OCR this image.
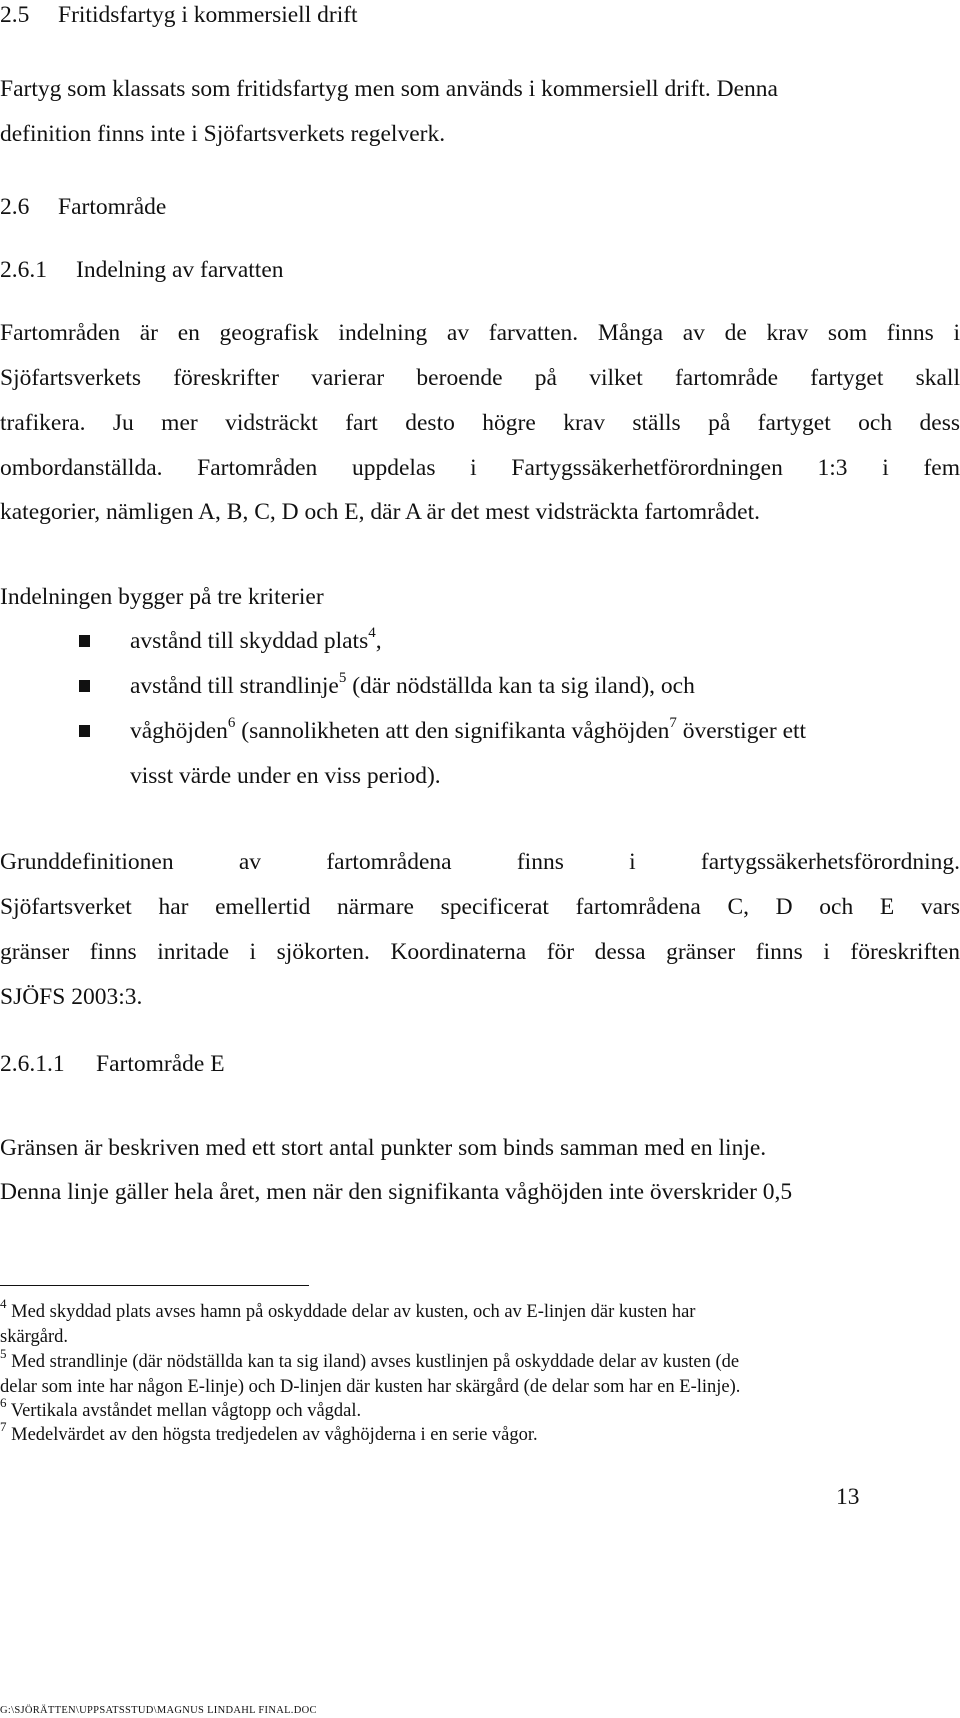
2.5 Fritidsfartyg i kommersiell drift
Fartyg som klassats som fritidsfartyg men som används i kommersiell drift. Denna
definition finns inte i Sjöfartsverkets regelverk.
2.6 Fartområde
2.6.1 Indelning av farvatten
Fartområden är en geografisk indelning av farvatten. Många av de krav som finns i
Sjöfartsverkets föreskrifter varierar beroende på vilket fartområde fartyget skall
trafikera. Ju mer vidsträckt fart desto högre krav ställs på fartyget och dess
ombordanställda. Fartområden uppdelas i Fartygssäkerhetförordningen 1:3 i fem
kategorier, nämligen A, B, C, D och E, där A är det mest vidsträckta fartområdet.
Indelningen bygger på tre kriterier
avstånd till skyddad plats$^4$,
avstånd till strandlinje$^5$ (där nödställda kan ta sig iland), och
våghöjden$^6$ (sannolikheten att den signifikanta våghöjden$^7$ överstiger ett
visst värde under en viss period).
Grunddefinitionen av fartområdena finns i fartygssäkerhetsförordning.
Sjöfartsverket har emellertid närmare specificerat fartområdena C, D och E vars
gränser finns inritade i sjökorten. Koordinaterna för dessa gränser finns i föreskriften
SJÖFS 2003:3.
2.6.1.1 Fartområde E
Gränsen är beskriven med ett stort antal punkter som binds samman med en linje.
Denna linje gäller hela året, men när den signifikanta våghöjden inte överskrider 0,5
$^4$ Med skyddad plats avses hamn på oskyddade delar av kusten, och av E-linjen där kusten har
skärgård.
$^5$ Med strandlinje (där nödställda kan ta sig iland) avses kustlinjen på oskyddade delar av kusten (de
delar som inte har någon E-linje) och D-linjen där kusten har skärgård (de delar som har en E-linje).
$^6$ Vertikala avståndet mellan vågtopp och vågdal.
$^7$ Medelvärdet av den högsta tredjedelen av våghöjderna i en serie vågor.
13
G:\SJÖRÄTTEN\UPPSATSSTUD\MAGNUS LINDAHL FINAL.DOC
